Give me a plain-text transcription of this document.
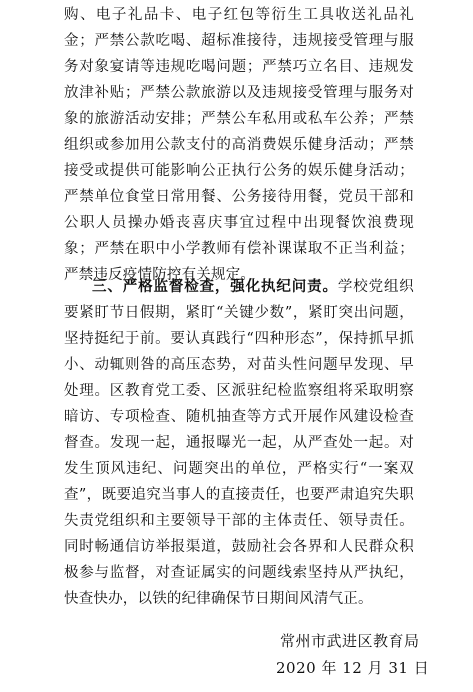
购、电子礼品卡、电子红包等衍生工具收送礼品礼金；严禁公款吃喝、超标准接待，违规接受管理与服务对象宴请等违规吃喝问题；严禁巧立名目、违规发放津补贴；严禁公款旅游以及违规接受管理与服务对象的旅游活动安排；严禁公车私用或私车公养；严禁组织或参加用公款支付的高消费娱乐健身活动；严禁接受或提供可能影响公正执行公务的娱乐健身活动；严禁单位食堂日常用餐、公务接待用餐，党员干部和公职人员操办婚丧喜庆事宜过程中出现餐饮浪费现象；严禁在职中小学教师有偿补课谋取不正当利益；严禁违反疫情防控有关规定。
三、严格监督检查，强化执纪问责。学校党组织要紧盯节日假期，紧盯“关键少数”，紧盯突出问题，坚持挺纪于前。要认真践行“四种形态”，保持抓早抓小、动辄则咎的高压态势，对苗头性问题早发现、早处理。区教育党工委、区派驻纪检监察组将采取明察暗访、专项检查、随机抽查等方式开展作风建设检查督查。发现一起，通报曝光一起，从严查处一起。对发生顶风违纪、问题突出的单位，严格实行“一案双查”，既要追究当事人的直接责任，也要严肃追究失职失责党组织和主要领导干部的主体责任、领导责任。同时畅通信访举报渠道，鼓励社会各界和人民群众积极参与监督，对查证属实的问题线索坚持从严执纪，快查快办，以铁的纪律确保节日期间风清气正。
常州市武进区教育局
2020 年 12 月 31 日
